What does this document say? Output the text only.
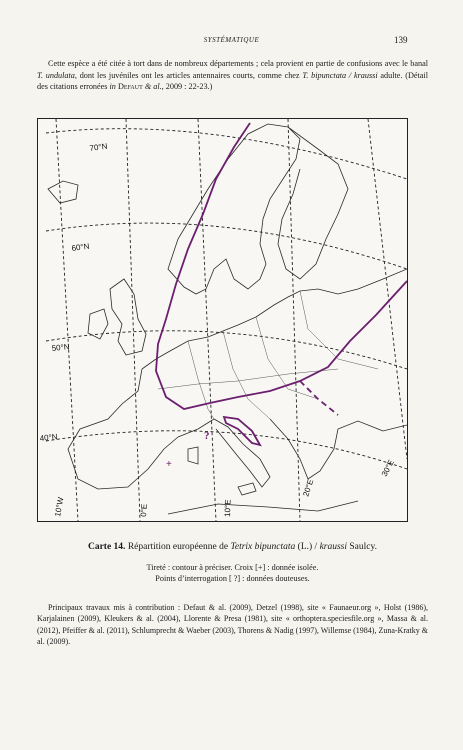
SYSTÉMATIQUE	139

Cette espèce a été citée à tort dans de nombreux départements ; cela provient en partie de confusions avec le banal T. undulata, dont les juvéniles ont les articles antennaires courts, comme chez T. bipunctata / kraussi adulte. (Détail des citations erronées in Defaut & al., 2009 : 22-23.)

?
+
70°N
60°N
50°N
40°N
10°W	0°E	10°E
20°E
30°E
Carte 14. Répartition européenne de Tetrix bipunctata (L.) / kraussi Saulcy.
Tireté : contour à préciser. Croix [+] : donnée isolée.
Points d’interrogation [ ?] : données douteuses.

Principaux travaux mis à contribution : Defaut & al. (2009), Detzel (1998), site « Faunaeur.org », Holst (1986), Karjalainen (2009), Kleukers & al. (2004), Llorente & Presa (1981), site « orthoptera.speciesfile.org », Massa & al. (2012), Pfeiffer & al. (2011), Schlumprecht & Waeber (2003), Thorens & Nadig (1997), Willemse (1984), Zuna-Kratky & al. (2009).
